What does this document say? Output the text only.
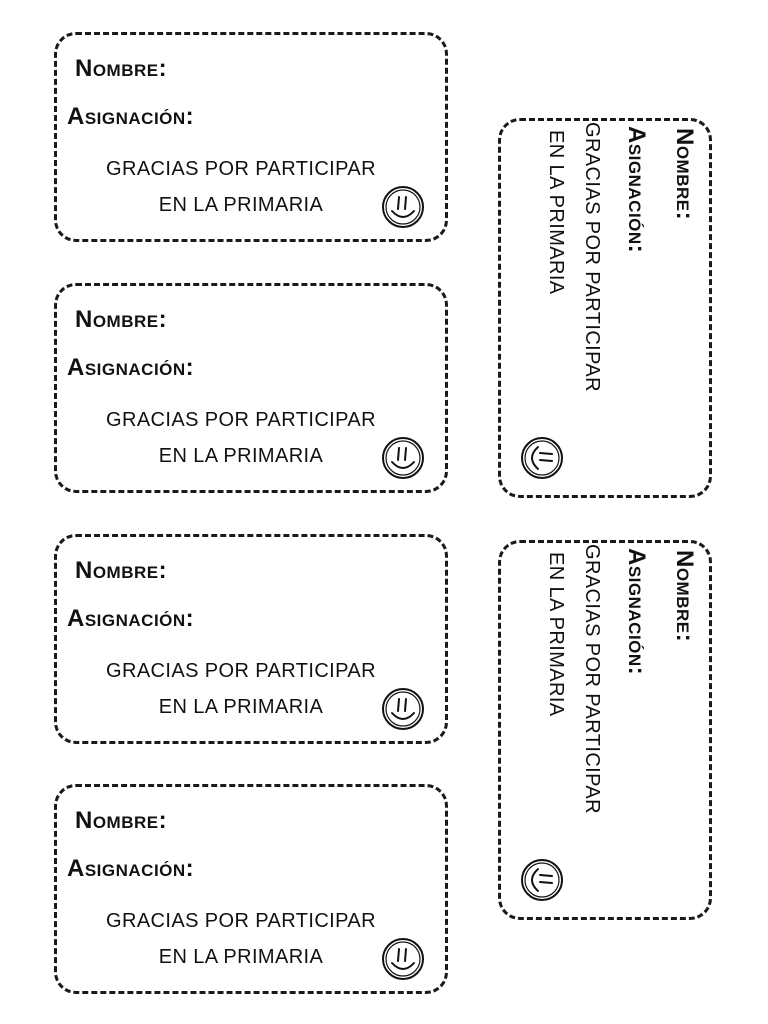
Nombre:
Asignación:
GRACIAS POR PARTICIPAR
EN LA PRIMARIA
Nombre:
Asignación:
GRACIAS POR PARTICIPAR
EN LA PRIMARIA
Nombre:
Asignación:
GRACIAS POR PARTICIPAR
EN LA PRIMARIA
Nombre:
Asignación:
GRACIAS POR PARTICIPAR
EN LA PRIMARIA
Nombre:
Asignación:
GRACIAS POR PARTICIPAR
EN LA PRIMARIA
Nombre:
Asignación:
GRACIAS POR PARTICIPAR
EN LA PRIMARIA
